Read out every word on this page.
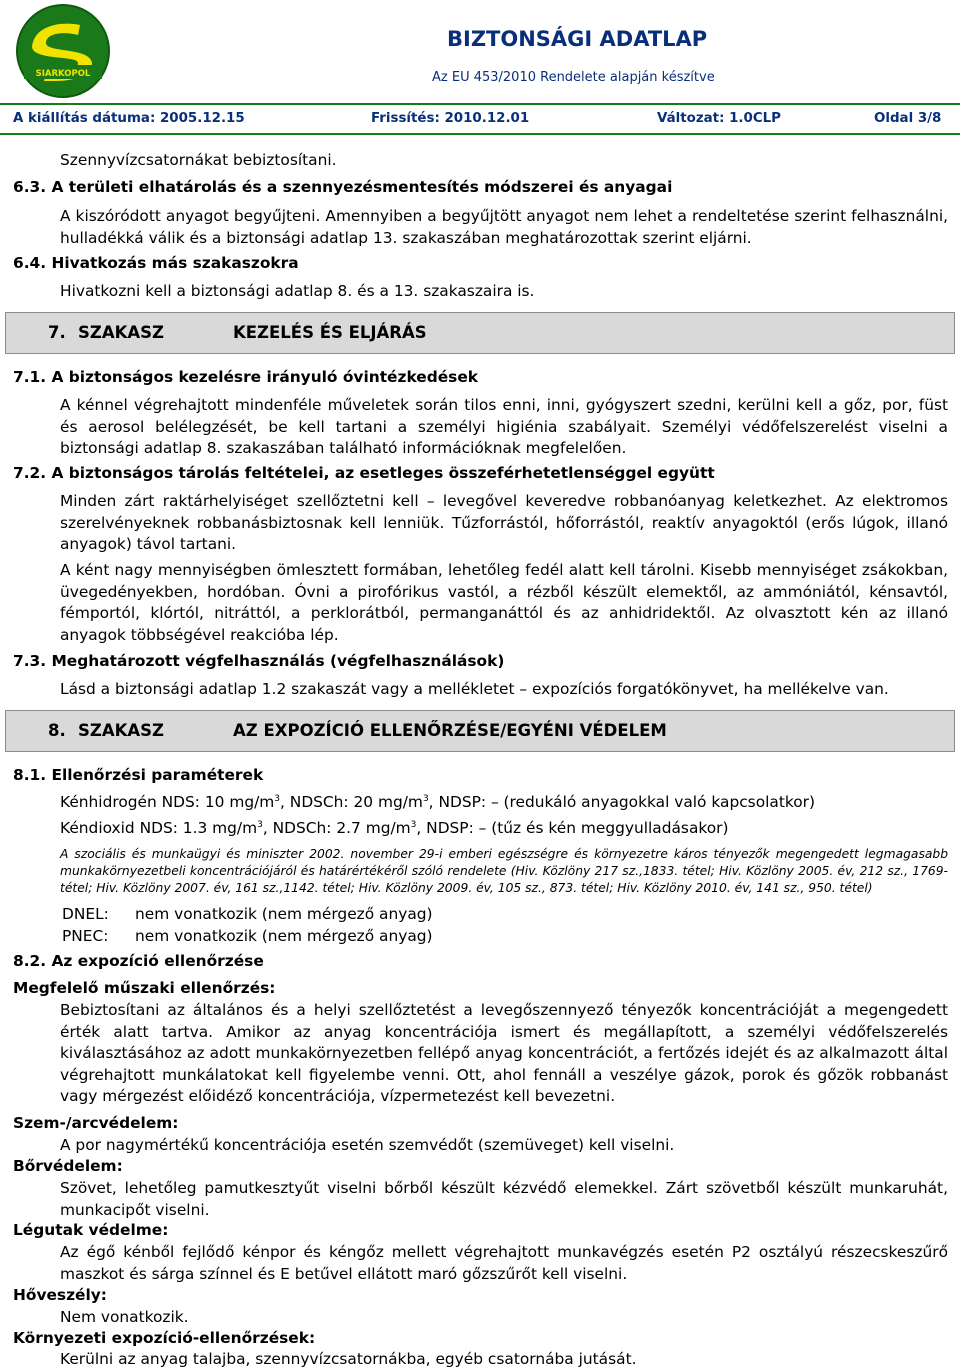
SIARKOPOL
BIZTONSÁGI ADATLAP
Az EU 453/2010 Rendelete alapján készítve
A kiállítás dátuma: 2005.12.15	Frissítés: 2010.12.01	Változat: 1.0CLP	Oldal 3/8
Szennyvízcsatornákat bebiztosítani.
6.3. A területi elhatárolás és a szennyezésmentesítés módszerei és anyagai
A kiszóródott anyagot begyűjteni. Amennyiben a begyűjtött anyagot nem lehet a rendeltetése szerint felhasználni, hulladékká válik és a biztonsági adatlap 13. szakaszában meghatározottak szerint eljárni.
6.4. Hivatkozás más szakaszokra
Hivatkozni kell a biztonsági adatlap 8. és a 13. szakaszaira is.
7. SZAKASZ	KEZELÉS ÉS ELJÁRÁS
7.1. A biztonságos kezelésre irányuló óvintézkedések
A kénnel végrehajtott mindenféle műveletek során tilos enni, inni, gyógyszert szedni, kerülni kell a gőz, por, füst és aerosol belélegzését, be kell tartani a személyi higiénia szabályait. Személyi védőfelszerelést viselni a biztonsági adatlap 8. szakaszában található információknak megfelelően.
7.2. A biztonságos tárolás feltételei, az esetleges összeférhetetlenséggel együtt
Minden zárt raktárhelyiséget szellőztetni kell – levegővel keveredve robbanóanyag keletkezhet. Az elektromos szerelvényeknek robbanásbiztosnak kell lenniük. Tűzforrástól, hőforrástól, reaktív anyagoktól (erős lúgok, illanó anyagok) távol tartani.
A ként nagy mennyiségben ömlesztett formában, lehetőleg fedél alatt kell tárolni. Kisebb mennyiséget zsákokban, üvegedényekben, hordóban. Óvni a pirofórikus vastól, a rézből készült elemektől, az ammóniától, kénsavtól, fémportól, klórtól, nitráttól, a perklorátból, permanganáttól és az anhidridektől. Az olvasztott kén az illanó anyagok többségével reakcióba lép.
7.3. Meghatározott végfelhasználás (végfelhasználások)
Lásd a biztonsági adatlap 1.2 szakaszát vagy a mellékletet – expozíciós forgatókönyvet, ha mellékelve van.
8. SZAKASZ	AZ EXPOZÍCIÓ ELLENŐRZÉSE/EGYÉNI VÉDELEM
8.1. Ellenőrzési paraméterek
Kénhidrogén NDS: 10 $mg/m^3$, NDSCh: 20 $mg/m^3$, NDSP: – (redukáló anyagokkal való kapcsolatkor)
Kéndioxid NDS: 1.3 $mg/m^3$, NDSCh: 2.7 $mg/m^3$, NDSP: – (tűz és kén meggyulladásakor)
A szociális és munkaügyi és miniszter 2002. november 29-i emberi egészségre és környezetre káros tényezők megengedett legmagasabb munkakörnyezetbeli koncentrációjáról és határértékéről szóló rendelete (Hiv. Közlöny 217 sz.,1833. tétel; Hiv. Közlöny 2005. év, 212 sz., 1769- tétel; Hiv. Közlöny 2007. év, 161 sz.,1142. tétel; Hiv. Közlöny 2009. év, 105 sz., 873. tétel; Hiv. Közlöny 2010. év, 141 sz., 950. tétel)
DNEL: nem vonatkozik (nem mérgező anyag)
PNEC: nem vonatkozik (nem mérgező anyag)
8.2. Az expozíció ellenőrzése
Megfelelő műszaki ellenőrzés:
Bebiztosítani az általános és a helyi szellőztetést a levegőszennyező tényezők koncentrációját a megengedett érték alatt tartva. Amikor az anyag koncentrációja ismert és megállapított, a személyi védőfelszerelés kiválasztásához az adott munkakörnyezetben fellépő anyag koncentrációt, a fertőzés idejét és az alkalmazott által végrehajtott munkálatokat kell figyelembe venni. Ott, ahol fennáll a veszélye gázok, porok és gőzök robbanást vagy mérgezést előidéző koncentrációja, vízpermetezést kell bevezetni.
Szem-/arcvédelem:
A por nagymértékű koncentrációja esetén szemvédőt (szemüveget) kell viselni.
Bőrvédelem:
Szövet, lehetőleg pamutkesztyűt viselni bőrből készült kézvédő elemekkel. Zárt szövetből készült munkaruhát, munkacipőt viselni.
Légutak védelme:
Az égő kénből fejlődő kénpor és kéngőz mellett végrehajtott munkavégzés esetén P2 osztályú részecskeszűrő maszkot és sárga színnel és E betűvel ellátott maró gőzszűrőt kell viselni.
Hőveszély:
Nem vonatkozik.
Környezeti expozíció-ellenőrzések:
Kerülni az anyag talajba, szennyvízcsatornákba, egyéb csatornába jutását.
